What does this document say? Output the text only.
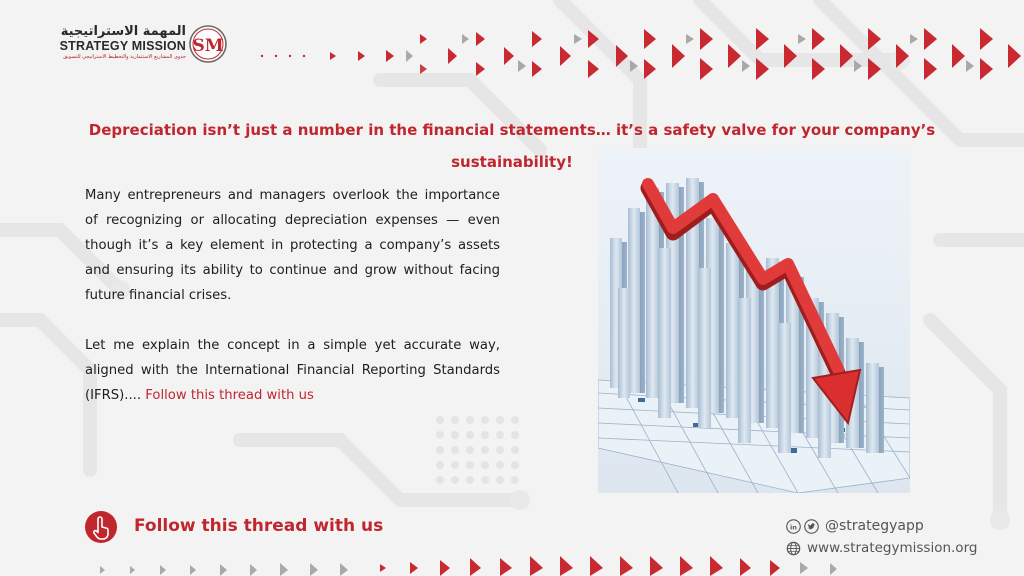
المهمة الاستراتيجية
STRATEGY MISSION
جدوى المشاريع الاستثمارية والتخطيط الاستراتيجي للتسويق
SM
Depreciation isn’t just a number in the financial statements… it’s a safety valve for your company’s sustainability!

Many entrepreneurs and managers overlook the importance of recognizing or allocating depreciation expenses — even though it’s a key element in protecting a company’s assets and ensuring its ability to continue and grow without facing future financial crises.

Let me explain the concept in a simple yet accurate way, aligned with the International Financial Reporting Standards (IFRS).... Follow this thread with us

Follow this thread with us	in @strategyapp
www.strategymission.org
